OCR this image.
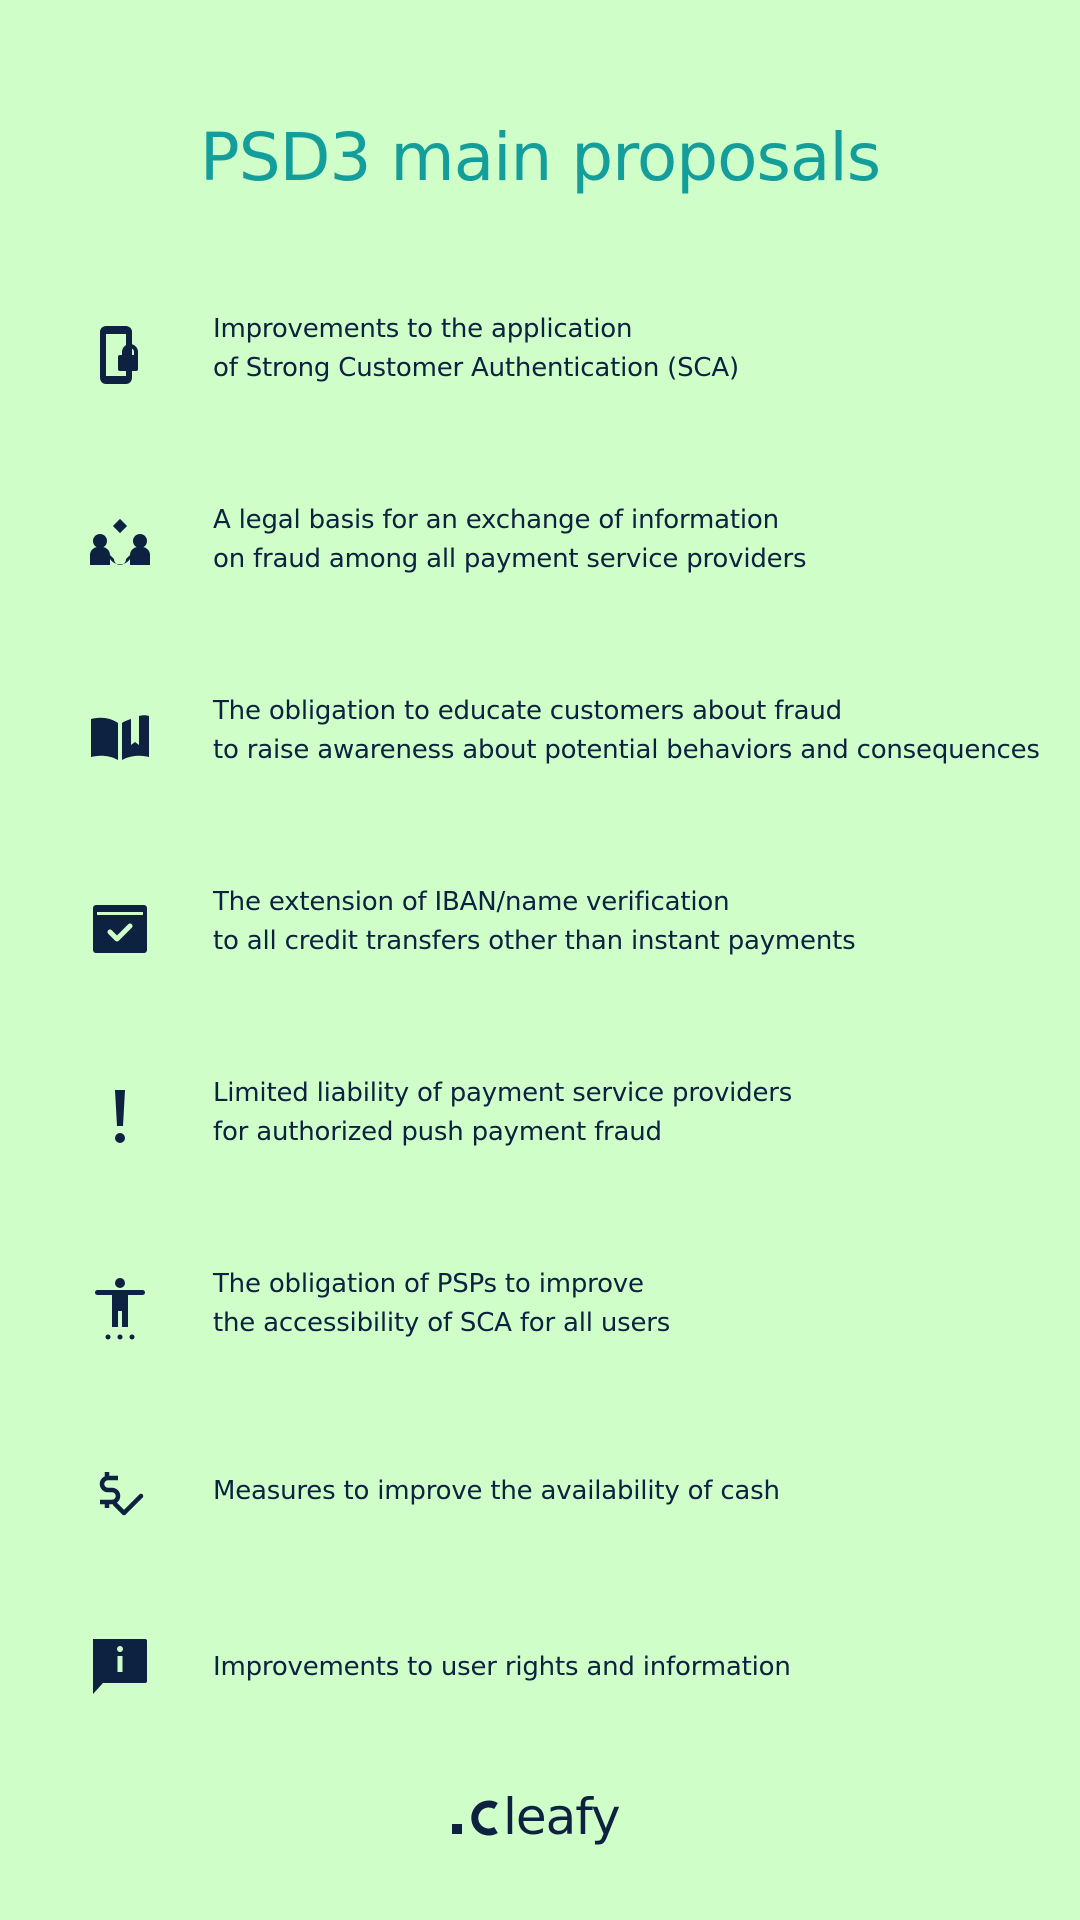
PSD3 main proposals
Improvements to the application
of Strong Customer Authentication (SCA)
A legal basis for an exchange of information
on fraud among all payment service providers
The obligation to educate customers about fraud
to raise awareness about potential behaviors and consequences
The extension of IBAN/name verification
to all credit transfers other than instant payments
Limited liability of payment service providers
for authorized push payment fraud
The obligation of PSPs to improve
the accessibility of SCA for all users
Measures to improve the availability of cash
Improvements to user rights and information
leafy
